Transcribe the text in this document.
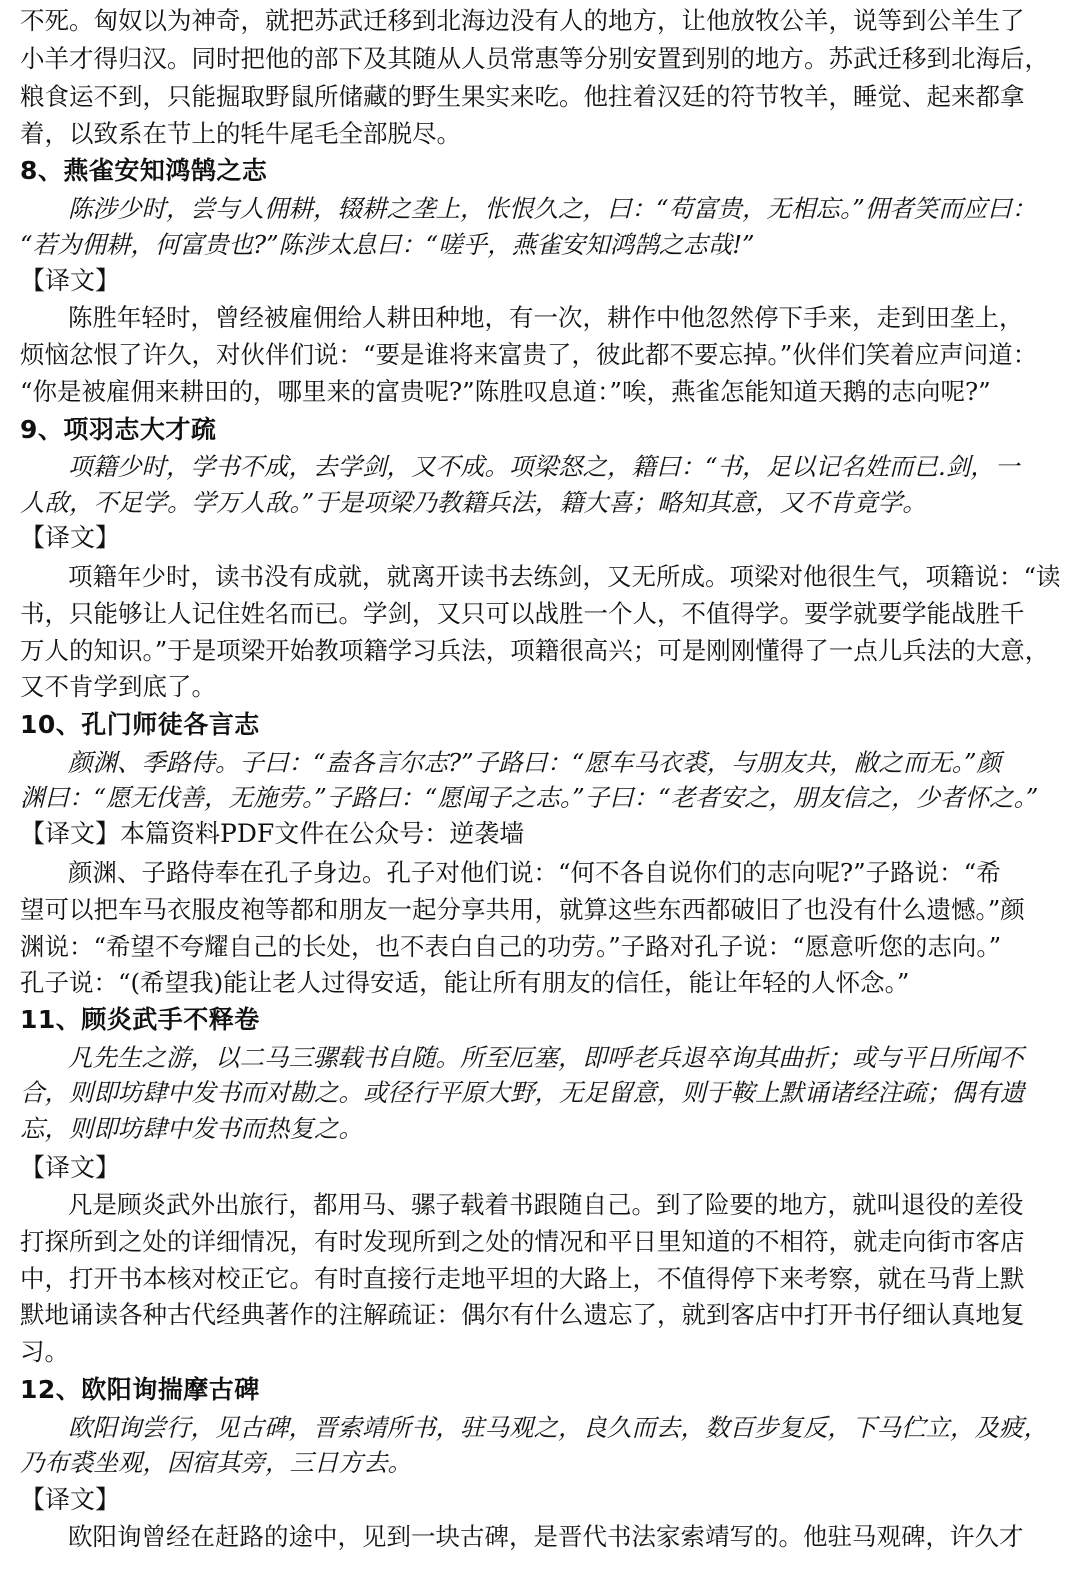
不死。匈奴以为神奇，就把苏武迁移到北海边没有人的地方，让他放牧公羊，说等到公羊生了
小羊才得归汉。同时把他的部下及其随从人员常惠等分别安置到别的地方。苏武迁移到北海后，
粮食运不到，只能掘取野鼠所储藏的野生果实来吃。他拄着汉廷的符节牧羊，睡觉、起来都拿
着，以致系在节上的牦牛尾毛全部脱尽。
8、燕雀安知鸿鹄之志
陈涉少时，尝与人佣耕，辍耕之垄上，怅恨久之，曰：“苟富贵，无相忘。”佣者笑而应曰：
“若为佣耕，何富贵也?”陈涉太息曰：“嗟乎，燕雀安知鸿鹄之志哉!”
【译文】
陈胜年轻时，曾经被雇佣给人耕田种地，有一次，耕作中他忽然停下手来，走到田垄上，
烦恼忿恨了许久，对伙伴们说：“要是谁将来富贵了，彼此都不要忘掉。”伙伴们笑着应声问道：
“你是被雇佣来耕田的，哪里来的富贵呢?”陈胜叹息道：”唉，燕雀怎能知道天鹅的志向呢?”
9、项羽志大才疏
项籍少时，学书不成，去学剑，又不成。项梁怒之，籍曰：“书，足以记名姓而已.剑，一
人敌，不足学。学万人敌。”于是项梁乃教籍兵法，籍大喜；略知其意，又不肯竟学。
【译文】
项籍年少时，读书没有成就，就离开读书去练剑，又无所成。项梁对他很生气，项籍说：“读
书，只能够让人记住姓名而已。学剑，又只可以战胜一个人，不值得学。要学就要学能战胜千
万人的知识。”于是项梁开始教项籍学习兵法，项籍很高兴；可是刚刚懂得了一点儿兵法的大意，
又不肯学到底了。
10、孔门师徒各言志
颜渊、季路侍。子曰：“盍各言尔志?”子路曰：“愿车马衣裘，与朋友共，敝之而无。”颜
渊曰：“愿无伐善，无施劳。”子路曰：“愿闻子之志。”子曰：“老者安之，朋友信之，少者怀之。”
【译文】本篇资料PDF文件在公众号：逆袭墙
颜渊、子路侍奉在孔子身边。孔子对他们说：“何不各自说你们的志向呢?”子路说：“希
望可以把车马衣服皮袍等都和朋友一起分享共用，就算这些东西都破旧了也没有什么遗憾。”颜
渊说：“希望不夸耀自己的长处，也不表白自己的功劳。”子路对孔子说：“愿意听您的志向。”
孔子说：“(希望我)能让老人过得安适，能让所有朋友的信任，能让年轻的人怀念。”
11、顾炎武手不释卷
凡先生之游，以二马三骡载书自随。所至厄塞，即呼老兵退卒询其曲折；或与平日所闻不
合，则即坊肆中发书而对勘之。或径行平原大野，无足留意，则于鞍上默诵诸经注疏；偶有遗
忘，则即坊肆中发书而热复之。
【译文】
凡是顾炎武外出旅行，都用马、骡子载着书跟随自己。到了险要的地方，就叫退役的差役
打探所到之处的详细情况，有时发现所到之处的情况和平日里知道的不相符，就走向街市客店
中，打开书本核对校正它。有时直接行走地平坦的大路上，不值得停下来考察，就在马背上默
默地诵读各种古代经典著作的注解疏证：偶尔有什么遗忘了，就到客店中打开书仔细认真地复
习。
12、欧阳询揣摩古碑
欧阳询尝行，见古碑，晋索靖所书，驻马观之，良久而去，数百步复反，下马伫立，及疲，
乃布裘坐观，因宿其旁，三日方去。
【译文】
欧阳询曾经在赶路的途中，见到一块古碑，是晋代书法家索靖写的。他驻马观碑，许久才
